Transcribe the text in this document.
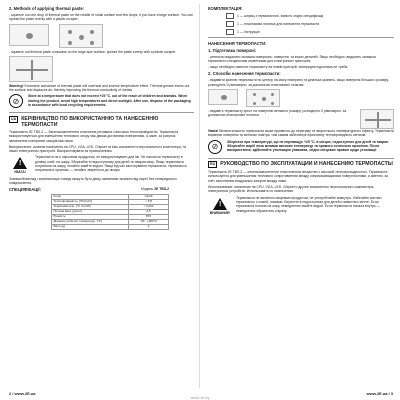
2. Methods of applying thermal paste:
- squeeze out one drop of thermal paste on the middle of small surface and few drops, if you have a large surface. You can spread the paste evenly with a plastic scraper;
- squeeze out thermal paste crosswise on the large-size surface, spread the paste evenly with a plastic scraper.
Warning! Excessive substance of thermal paste will overheat and inverse temperature effect. Thermal grease evens out the surface and displaces air, thereby improving the thermal conductivity of metals.
⊘
Store at a temperature that does not exceed +25 °C, out of the reach of children and animals. When storing the product, avoid high temperatures and direct sunlight. After use, dispose of the packaging in accordance with local recycling requirements.
UA КЕРІВНИЦТВО ПО ВИКОРИСТАННЮ ТА НАНЕСЕННЮ ТЕРМОПАСТИ
Термопаста 2E TBS-2 — багатокомпонентна пластична речовина з високою теплопровідністю. Термопаста використовується для зменшення теплового опору між двома дотичними поверхнями, а саме, за рахунок заповнення повітряних зазорів між ними.
Використання: шляхом нанесення на CPU, VGA, LED, Chipset та інші компоненти персонального комп'ютера, та інших електронних пристроїв. Використовувати за призначенням.
!
УВАГА!
Термопаста не є харчовим продуктом, не використовувати для їжі. Не наносити термопасту в ділянці очей, на шкіру. Зберігайте в недоступному для дітей та тварин місці. Якщо термопаста потрапила на шкіру, негайно змийте водою. Якщо від час застосування термопасти, термопаста потрапила в організм — негайно зверніться до лікаря.
Зовнішній вигляд і комплектація товару можуть бути дещо зміненими залежно від партії без попереднього повідомлення.
СПЕЦИФІКАЦІЇ:	Модель 2E TBS-2
Колір	Сірий
Теплопровідність, [W/(m•K)]	> 5,8
Термічний опір, [°C·cm²/W]	< 0,002
Питома вага, [g/cm³]	2,5
В'язкість	870
Діапазон робочих температур, [°C]	-30...+280°C
Вага, [g]	2
2 / www.2E.ua
КОМПЛЕКТАЦІЯ:
1 — шприц з термопастою, ємність згідно специфікації
1 — пластикова лопатка для нанесення термопасти
1 — інструкція
НАНЕСЕННЯ ТЕРМОПАСТИ:
1. Підготовка поверхні:
- ретельно видалити залишки поверхонь; поверхня, та інших деталей. Якщо необхідно, видалить залишки термопасти спеціальним серветками для електронних пристроїв;
- якщо необхідно нанести термопасту на новий пристрій, попередня підготовка не треба.
2. Способи нанесення термопасти:
- видавити краплю термопасти по центру на малу поверхню та декілька крапель, якщо поверхня більшого розміру, розподіліть її рівномірно, за допомогою пластикової лопатки;
- видавіть термопасту хрест на поверхню великого розміру, розподіліть її рівномірно, за допомогою пластикової лопатки.
Увага! Велика кількість термопасти може призвести до перегріву та зворотнього температурного ефекту. Термопаста вирівнює поверхню та витісняє повітря, тим самим забезпечує ефективну теплопровідність металів.
⊘
Зберігати при температурі, що не перевищує +25 °C, в місцях, недоступних для дітей та тварин. Зберігайте виріб поза межами високих температур та прямого сонячного проміння. Після використання, здійснюйте утилізацію упаковки, згідно місцевих правил щодо утилізації.
RU РУКОВОДСТВО ПО ЭКСПЛУАТАЦИИ И НАНЕСЕНИЮ ТЕРМОПАСТЫ
Термопаста 2E TBS-2 — многокомпонентное пластическое вещество с высокой теплопроводностью. Термопаста используется для уменьшения теплового сопротивления между соприкасающимися поверхностями, а именно, за счёт заполнения воздушных зазоров между ними.
Использование: нанесение на CPU, VGA, LED, Chipset и другие компоненты персонального компьютера, электронных устройств. Использовать по назначению.
!
ВНИМАНИЕ!
Термопаста не является пищевым продуктом, не употребляйте вовнутрь. Избегайте контакт термопасты с кожей, глазами. Берегите в недоступном для детей и животных месте. Если термопаста попала на кожу, немедленно смойте водой. Если термопаста попала внутрь — немедленно обратитесь к врачу.
www.2E.ua / 3
www.1k.by
